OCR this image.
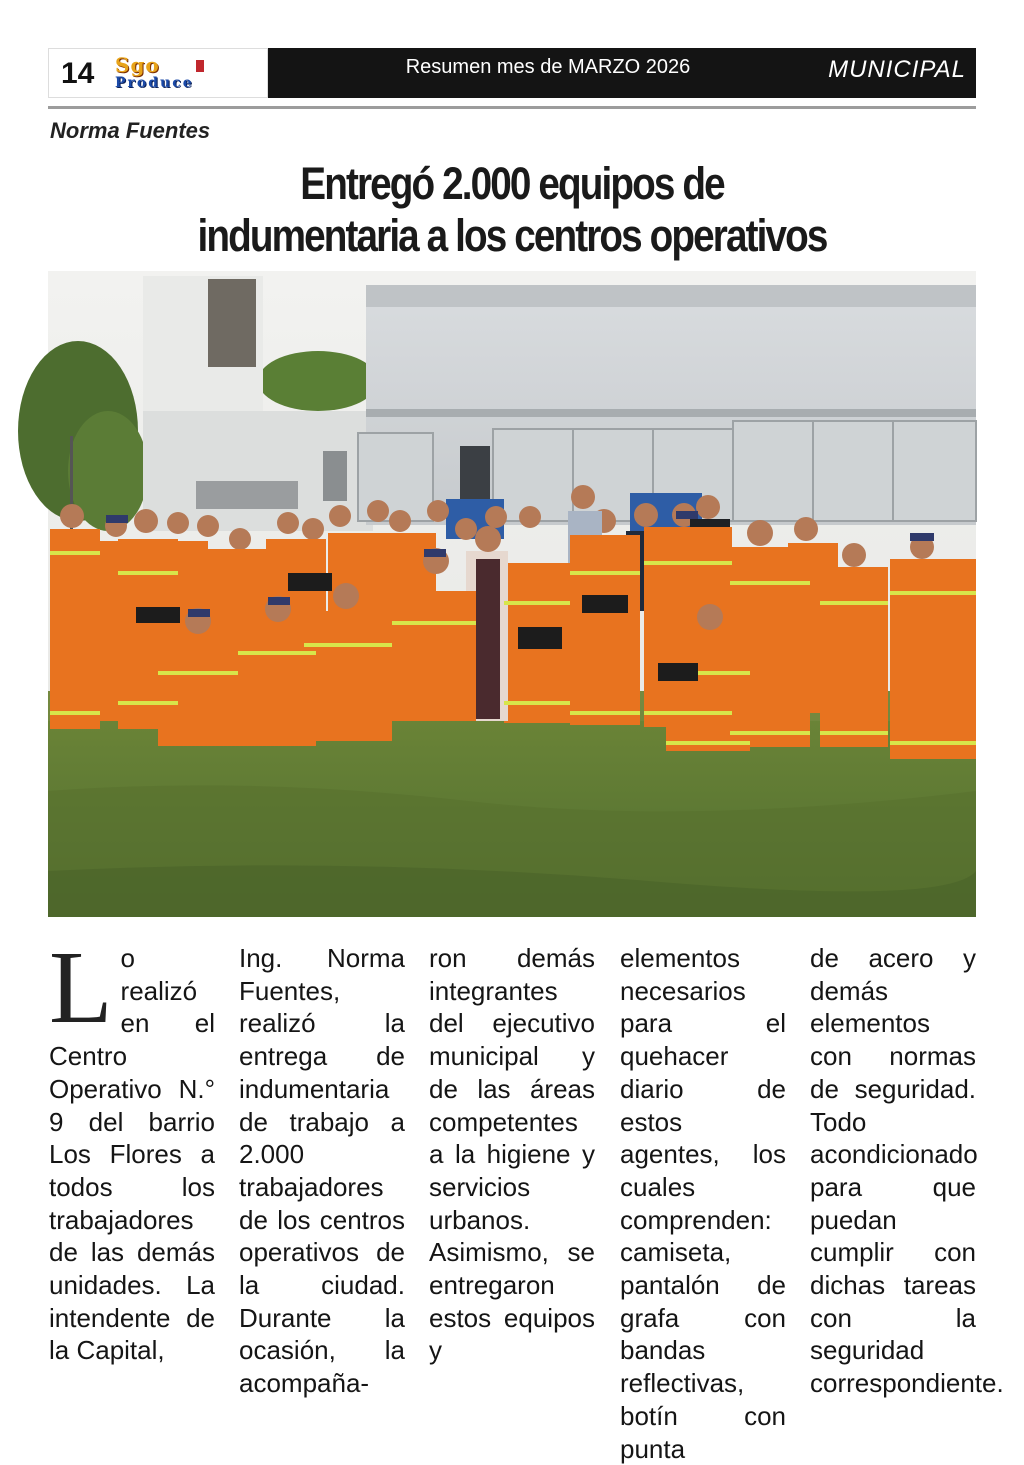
14 Sgo
Produce
Resumen mes de MARZO 2026	MUNICIPAL
Norma Fuentes
Entregó 2.000 equipos de
indumentaria a los centros operativos
L o realizó en el Centro Operativo N.° 9 del barrio Los Flores a todos los trabajadores de las demás unidades. La intendente de la Capital,
Ing. Norma Fuentes, realizó la entrega de indumentaria de trabajo a 2.000 trabajadores de los centros operativos de la ciudad. Durante la ocasión, la acompaña-
ron demás integrantes del ejecutivo municipal y de las áreas competentes a la higiene y servicios urbanos. Asimismo, se entregaron estos equipos y
elementos necesarios para el quehacer diario de estos agentes, los cuales comprenden: camiseta, pantalón de grafa con bandas reflectivas, botín con punta
de acero y demás elementos con normas de seguridad. Todo acondicionado para que puedan cumplir con dichas tareas con la seguridad correspondiente.
